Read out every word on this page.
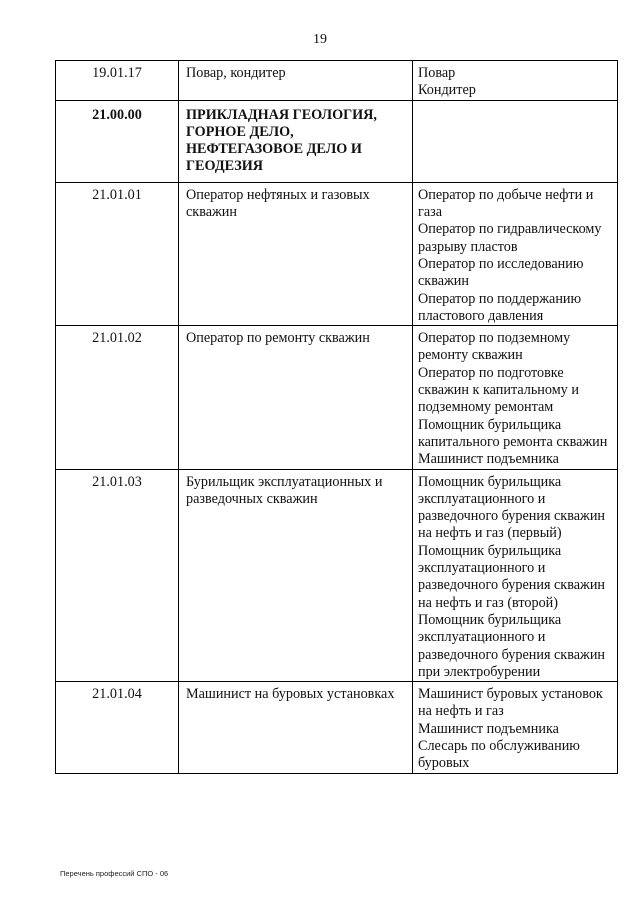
19
19.01.17	Повар, кондитер	Повар
Кондитер

21.00.00	ПРИКЛАДНАЯ ГЕОЛОГИЯ, ГОРНОЕ ДЕЛО, НЕФТЕГАЗОВОЕ ДЕЛО И ГЕОДЕЗИЯ	
21.01.01	Оператор нефтяных и газовых скважин	Оператор по добыче нефти и газа
Оператор по гидравлическому разрыву пластов
Оператор по исследованию скважин
Оператор по поддержанию пластового давления

21.01.02	Оператор по ремонту скважин	Оператор по подземному ремонту скважин
Оператор по подготовке скважин к капитальному и подземному ремонтам
Помощник бурильщика капитального ремонта скважин
Машинист подъемника

21.01.03	Бурильщик эксплуатационных и разведочных скважин	Помощник бурильщика эксплуатационного и разведочного бурения скважин на нефть и газ (первый)
Помощник бурильщика эксплуатационного и разведочного бурения скважин на нефть и газ (второй)
Помощник бурильщика эксплуатационного и разведочного бурения скважин при электробурении

21.01.04	Машинист на буровых установках	Машинист буровых установок на нефть и газ
Машинист подъемника
Слесарь по обслуживанию буровых
Перечень профессий СПО - 06
